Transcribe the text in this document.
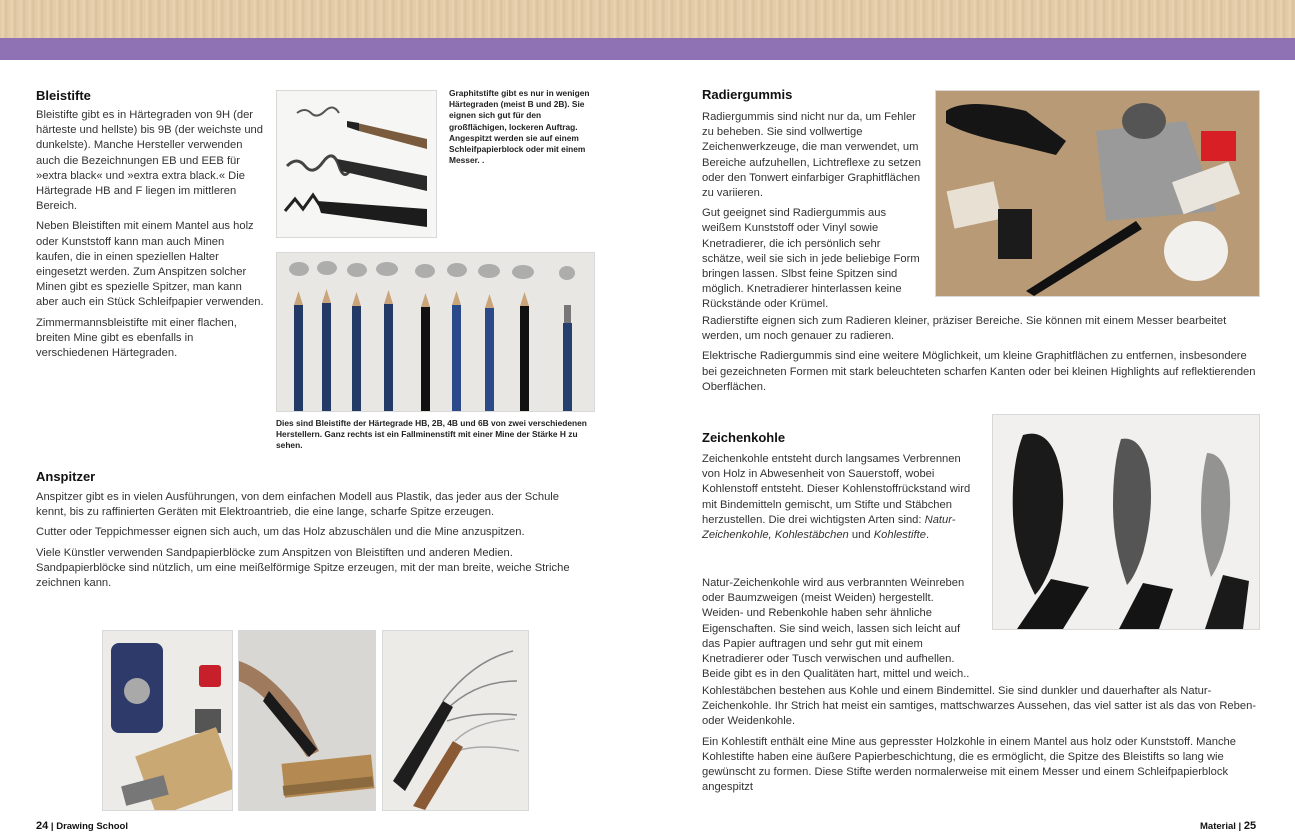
Bleistifte

Bleistifte gibt es in Härtegraden von 9H (der härteste und hellste) bis 9B (der weichste und dunkelste). Manche Hersteller verwenden auch die Bezeichnungen EB und EEB für »extra black« und »extra extra black.« Die Härtegrade HB and F liegen im mittleren Bereich.

Neben Bleistiften mit einem Mantel aus holz oder Kunststoff kann man auch Minen kaufen, die in einen speziellen Halter eingesetzt werden. Zum Anspitzen solcher Minen gibt es spezielle Spitzer, man kann aber auch ein Stück Schleifpapier verwenden.

Zimmermannsbleistifte mit einer flachen, breiten Mine gibt es ebenfalls in verschiedenen Härtegraden.

Graphitstifte gibt es nur in wenigen Härtegraden (meist B und 2B). Sie eignen sich gut für den großflächigen, lockeren Auftrag. Angespitzt werden sie auf einem Schleifpapierblock oder mit einem Messer. .
Dies sind Bleistifte der Härtegrade HB, 2B, 4B und 6B von zwei verschiedenen Herstellern. Ganz rechts ist ein Fallminenstift mit einer Mine der Stärke H zu sehen.
Anspitzer

Anspitzer gibt es in vielen Ausführungen, von dem einfachen Modell aus Plastik, das jeder aus der Schule kennt, bis zu raffinierten Geräten mit Elektroantrieb, die eine lange, scharfe Spitze erzeugen.

Cutter oder Teppichmesser eignen sich auch, um das Holz abzuschälen und die Mine anzuspitzen.

Viele Künstler verwenden Sandpapierblöcke zum Anspitzen von Bleistiften und anderen Medien. Sandpapierblöcke sind nützlich, um eine meißelförmige Spitze erzeugen, mit der man breite, weiche Striche zeichnen kann.

24 | Drawing School
Radiergummis

Radiergummis sind nicht nur da, um Fehler zu beheben. Sie sind vollwertige Zeichenwerkzeuge, die man verwendet, um Bereiche aufzuhellen, Lichtreflexe zu setzen oder den Tonwert einfarbiger Graphitflächen zu variieren.

Gut geeignet sind Radiergummis aus weißem Kunststoff oder Vinyl sowie Knetradierer, die ich persönlich sehr schätze, weil sie sich in jede beliebige Form bringen lassen. Slbst feine Spitzen sind möglich. Knetradierer hinterlassen keine Rückstände oder Krümel.

Radierstifte eignen sich zum Radieren kleiner, präziser Bereiche. Sie können mit einem Messer bearbeitet werden, um noch genauer zu radieren.

Elektrische Radiergummis sind eine weitere Möglichkeit, um kleine Graphitflächen zu entfernen, insbesondere bei gezeichneten Formen mit stark beleuchteten scharfen Kanten oder bei kleinen Highlights auf reflektierenden Oberflächen.

Zeichenkohle

Zeichenkohle entsteht durch langsames Verbrennen von Holz in Abwesenheit von Sauerstoff, wobei Kohlenstoff entsteht. Dieser Kohlenstoffrückstand wird mit Bindemitteln gemischt, um Stifte und Stäbchen herzustellen. Die drei wichtigsten Arten sind: Natur-Zeichenkohle, Kohlestäbchen und Kohlestifte.

Natur-Zeichenkohle wird aus verbrannten Weinreben oder Baumzweigen (meist Weiden) hergestellt. Weiden- und Rebenkohle haben sehr ähnliche Eigenschaften. Sie sind weich, lassen sich leicht auf das Papier auftragen und sehr gut mit einem Knetradierer oder Tusch verwischen und aufhellen. Beide gibt es in den Qualitäten hart, mittel und weich..

Kohlestäbchen bestehen aus Kohle und einem Bindemittel. Sie sind dunkler und dauerhafter als Natur-Zeichenkohle. Ihr Strich hat meist ein samtiges, mattschwarzes Aussehen, das viel satter ist als das von Reben- oder Weidenkohle.

Ein Kohlestift enthält eine Mine aus gepresster Holzkohle in einem Mantel aus holz oder Kunststoff. Manche Kohlestifte haben eine äußere Papierbeschichtung, die es ermöglicht, die Spitze des Bleistifts so lang wie gewünscht zu formen. Diese Stifte werden normalerweise mit einem Messer und einem Schleifpapierblock angespitzt

Material | 25
